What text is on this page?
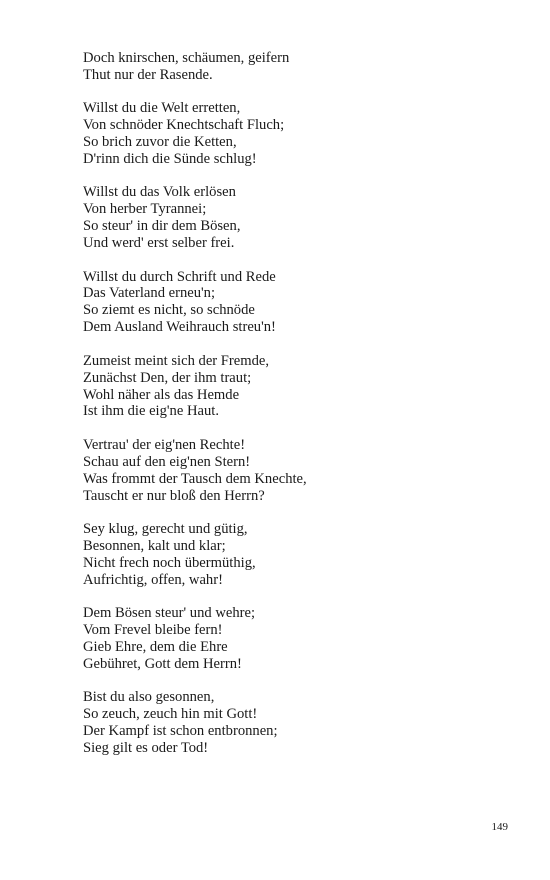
Doch knirschen, schäumen, geifern
Thut nur der Rasende.
Willst du die Welt erretten,
Von schnöder Knechtschaft Fluch;
So brich zuvor die Ketten,
D'rinn dich die Sünde schlug!
Willst du das Volk erlösen
Von herber Tyrannei;
So steur' in dir dem Bösen,
Und werd' erst selber frei.
Willst du durch Schrift und Rede
Das Vaterland erneu'n;
So ziemt es nicht, so schnöde
Dem Ausland Weihrauch streu'n!
Zumeist meint sich der Fremde,
Zunächst Den, der ihm traut;
Wohl näher als das Hemde
Ist ihm die eig'ne Haut.
Vertrau' der eig'nen Rechte!
Schau auf den eig'nen Stern!
Was frommt der Tausch dem Knechte,
Tauscht er nur bloß den Herrn?
Sey klug, gerecht und gütig,
Besonnen, kalt und klar;
Nicht frech noch übermüthig,
Aufrichtig, offen, wahr!
Dem Bösen steur' und wehre;
Vom Frevel bleibe fern!
Gieb Ehre, dem die Ehre
Gebühret, Gott dem Herrn!
Bist du also gesonnen,
So zeuch, zeuch hin mit Gott!
Der Kampf ist schon entbronnen;
Sieg gilt es oder Tod!
149
